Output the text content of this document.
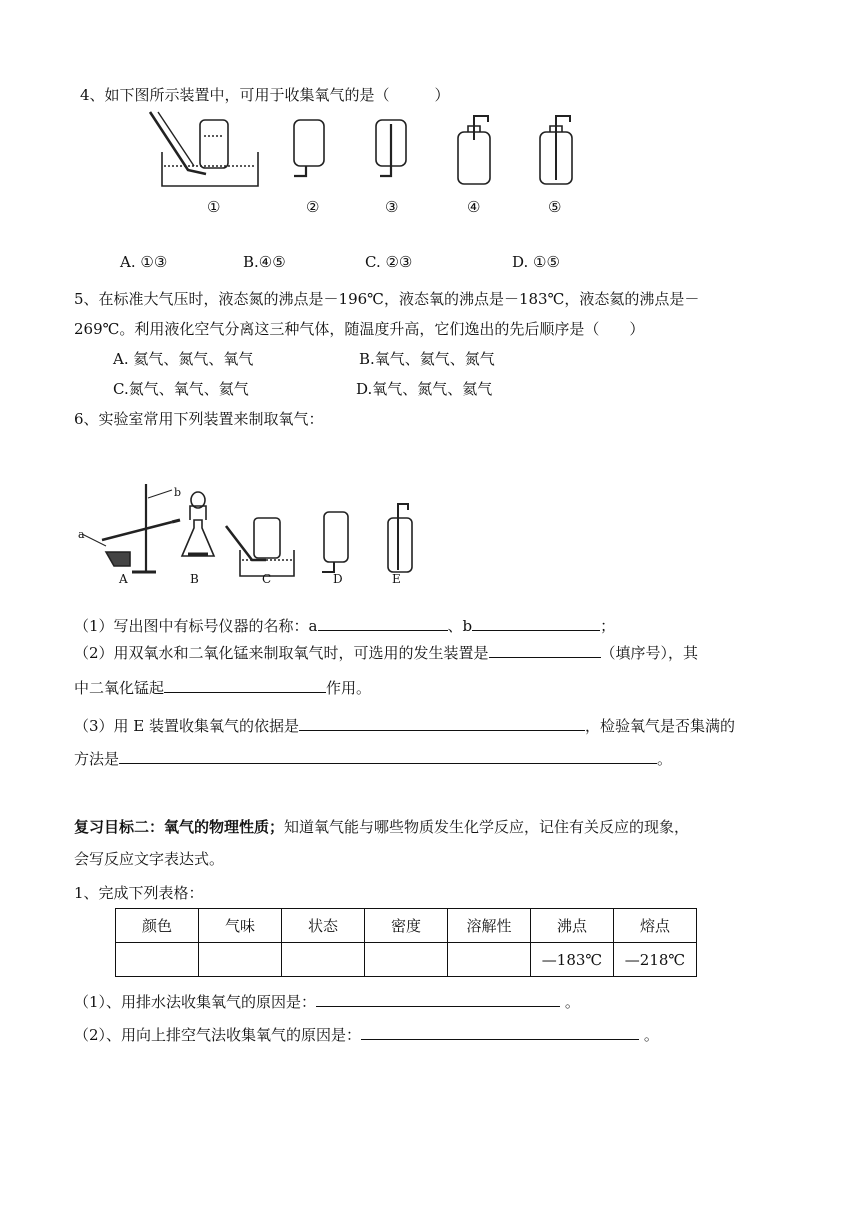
4、如下图所示装置中，可用于收集氧气的是（　　　）
①	②	③	④	⑤
A. ①③	B.④⑤	C. ②③	D. ①⑤
5、在标准大气压时，液态氮的沸点是－196℃，液态氧的沸点是－183℃，液态氦的沸点是－
269℃。利用液化空气分离这三种气体，随温度升高，它们逸出的先后顺序是（　　）
A. 氦气、氮气、氧气	B.氧气、氦气、氮气
C.氮气、氧气、氦气	D.氧气、氮气、氦气
6、实验室常用下列装置来制取氧气：
a
b
A	B	C	D	E
（1）写出图中有标号仪器的名称：a	、b	；
（2）用双氧水和二氧化锰来制取氧气时，可选用的发生装置是	（填序号），其
中二氧化锰起	作用。
（3）用 E 装置收集氧气的依据是	，检验氧气是否集满的
方法是	。
复习目标二：氧气的物理性质；知道氧气能与哪些物质发生化学反应，记住有关反应的现象，
会写反应文字表达式。
1、完成下列表格：
颜色	气味	状态	密度	溶解性	沸点	熔点
					—183℃	—218℃
（1）、用排水法收集氧气的原因是：	。
（2）、用向上排空气法收集氧气的原因是：	。
